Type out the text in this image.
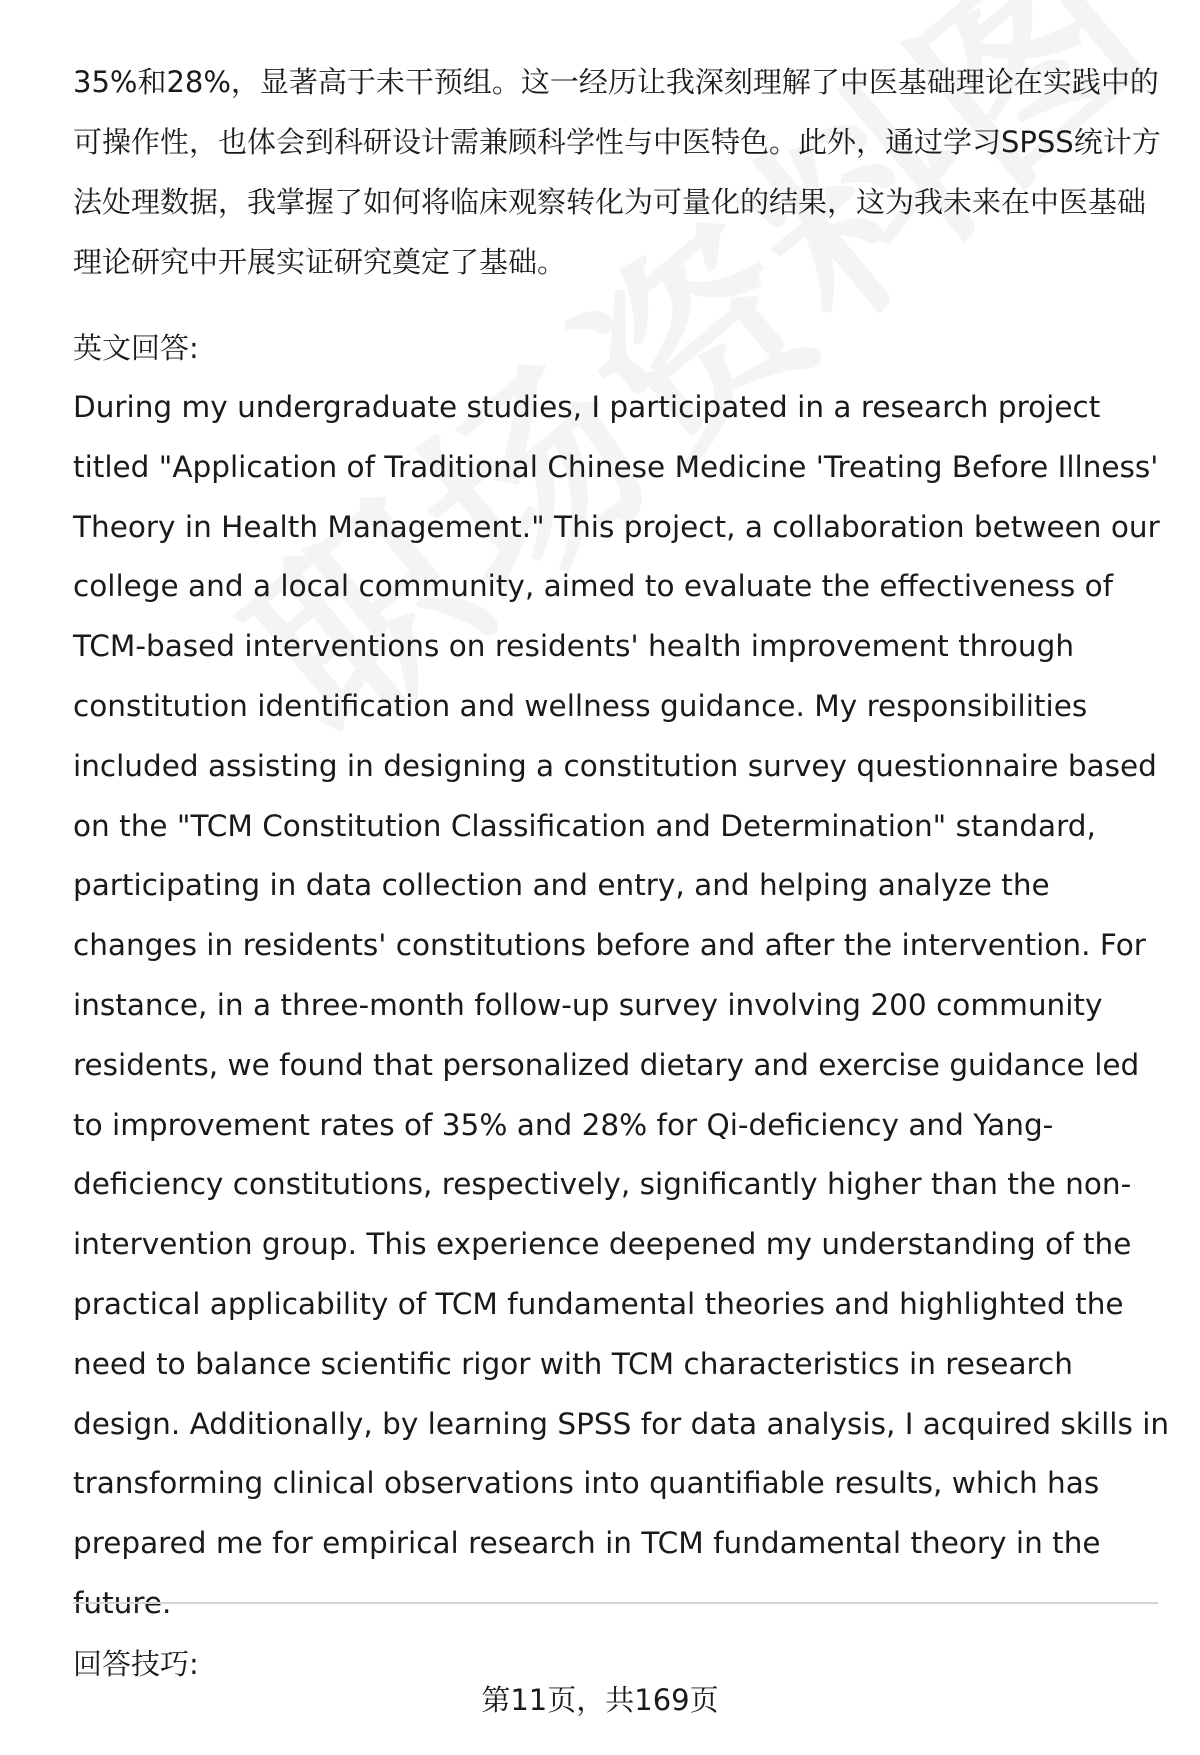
35%和28%，显著高于未干预组。这一经历让我深刻理解了中医基础理论在实践中的可操作性，也体会到科研设计需兼顾科学性与中医特色。此外，通过学习SPSS统计方法处理数据，我掌握了如何将临床观察转化为可量化的结果，这为我未来在中医基础理论研究中开展实证研究奠定了基础。

英文回答:

During my undergraduate studies, I participated in a research project titled "Application of Traditional Chinese Medicine 'Treating Before Illness' Theory in Health Management." This project, a collaboration between our college and a local community, aimed to evaluate the effectiveness of TCM-based interventions on residents' health improvement through constitution identification and wellness guidance. My responsibilities included assisting in designing a constitution survey questionnaire based on the "TCM Constitution Classification and Determination" standard, participating in data collection and entry, and helping analyze the changes in residents' constitutions before and after the intervention. For instance, in a three-month follow-up survey involving 200 community residents, we found that personalized dietary and exercise guidance led to improvement rates of 35% and 28% for Qi-deficiency and Yang-deficiency constitutions, respectively, significantly higher than the non-intervention group. This experience deepened my understanding of the practical applicability of TCM fundamental theories and highlighted the need to balance scientific rigor with TCM characteristics in research design. Additionally, by learning SPSS for data analysis, I acquired skills in transforming clinical observations into quantifiable results, which has prepared me for empirical research in TCM fundamental theory in the future.

回答技巧:

第11页，共169页
